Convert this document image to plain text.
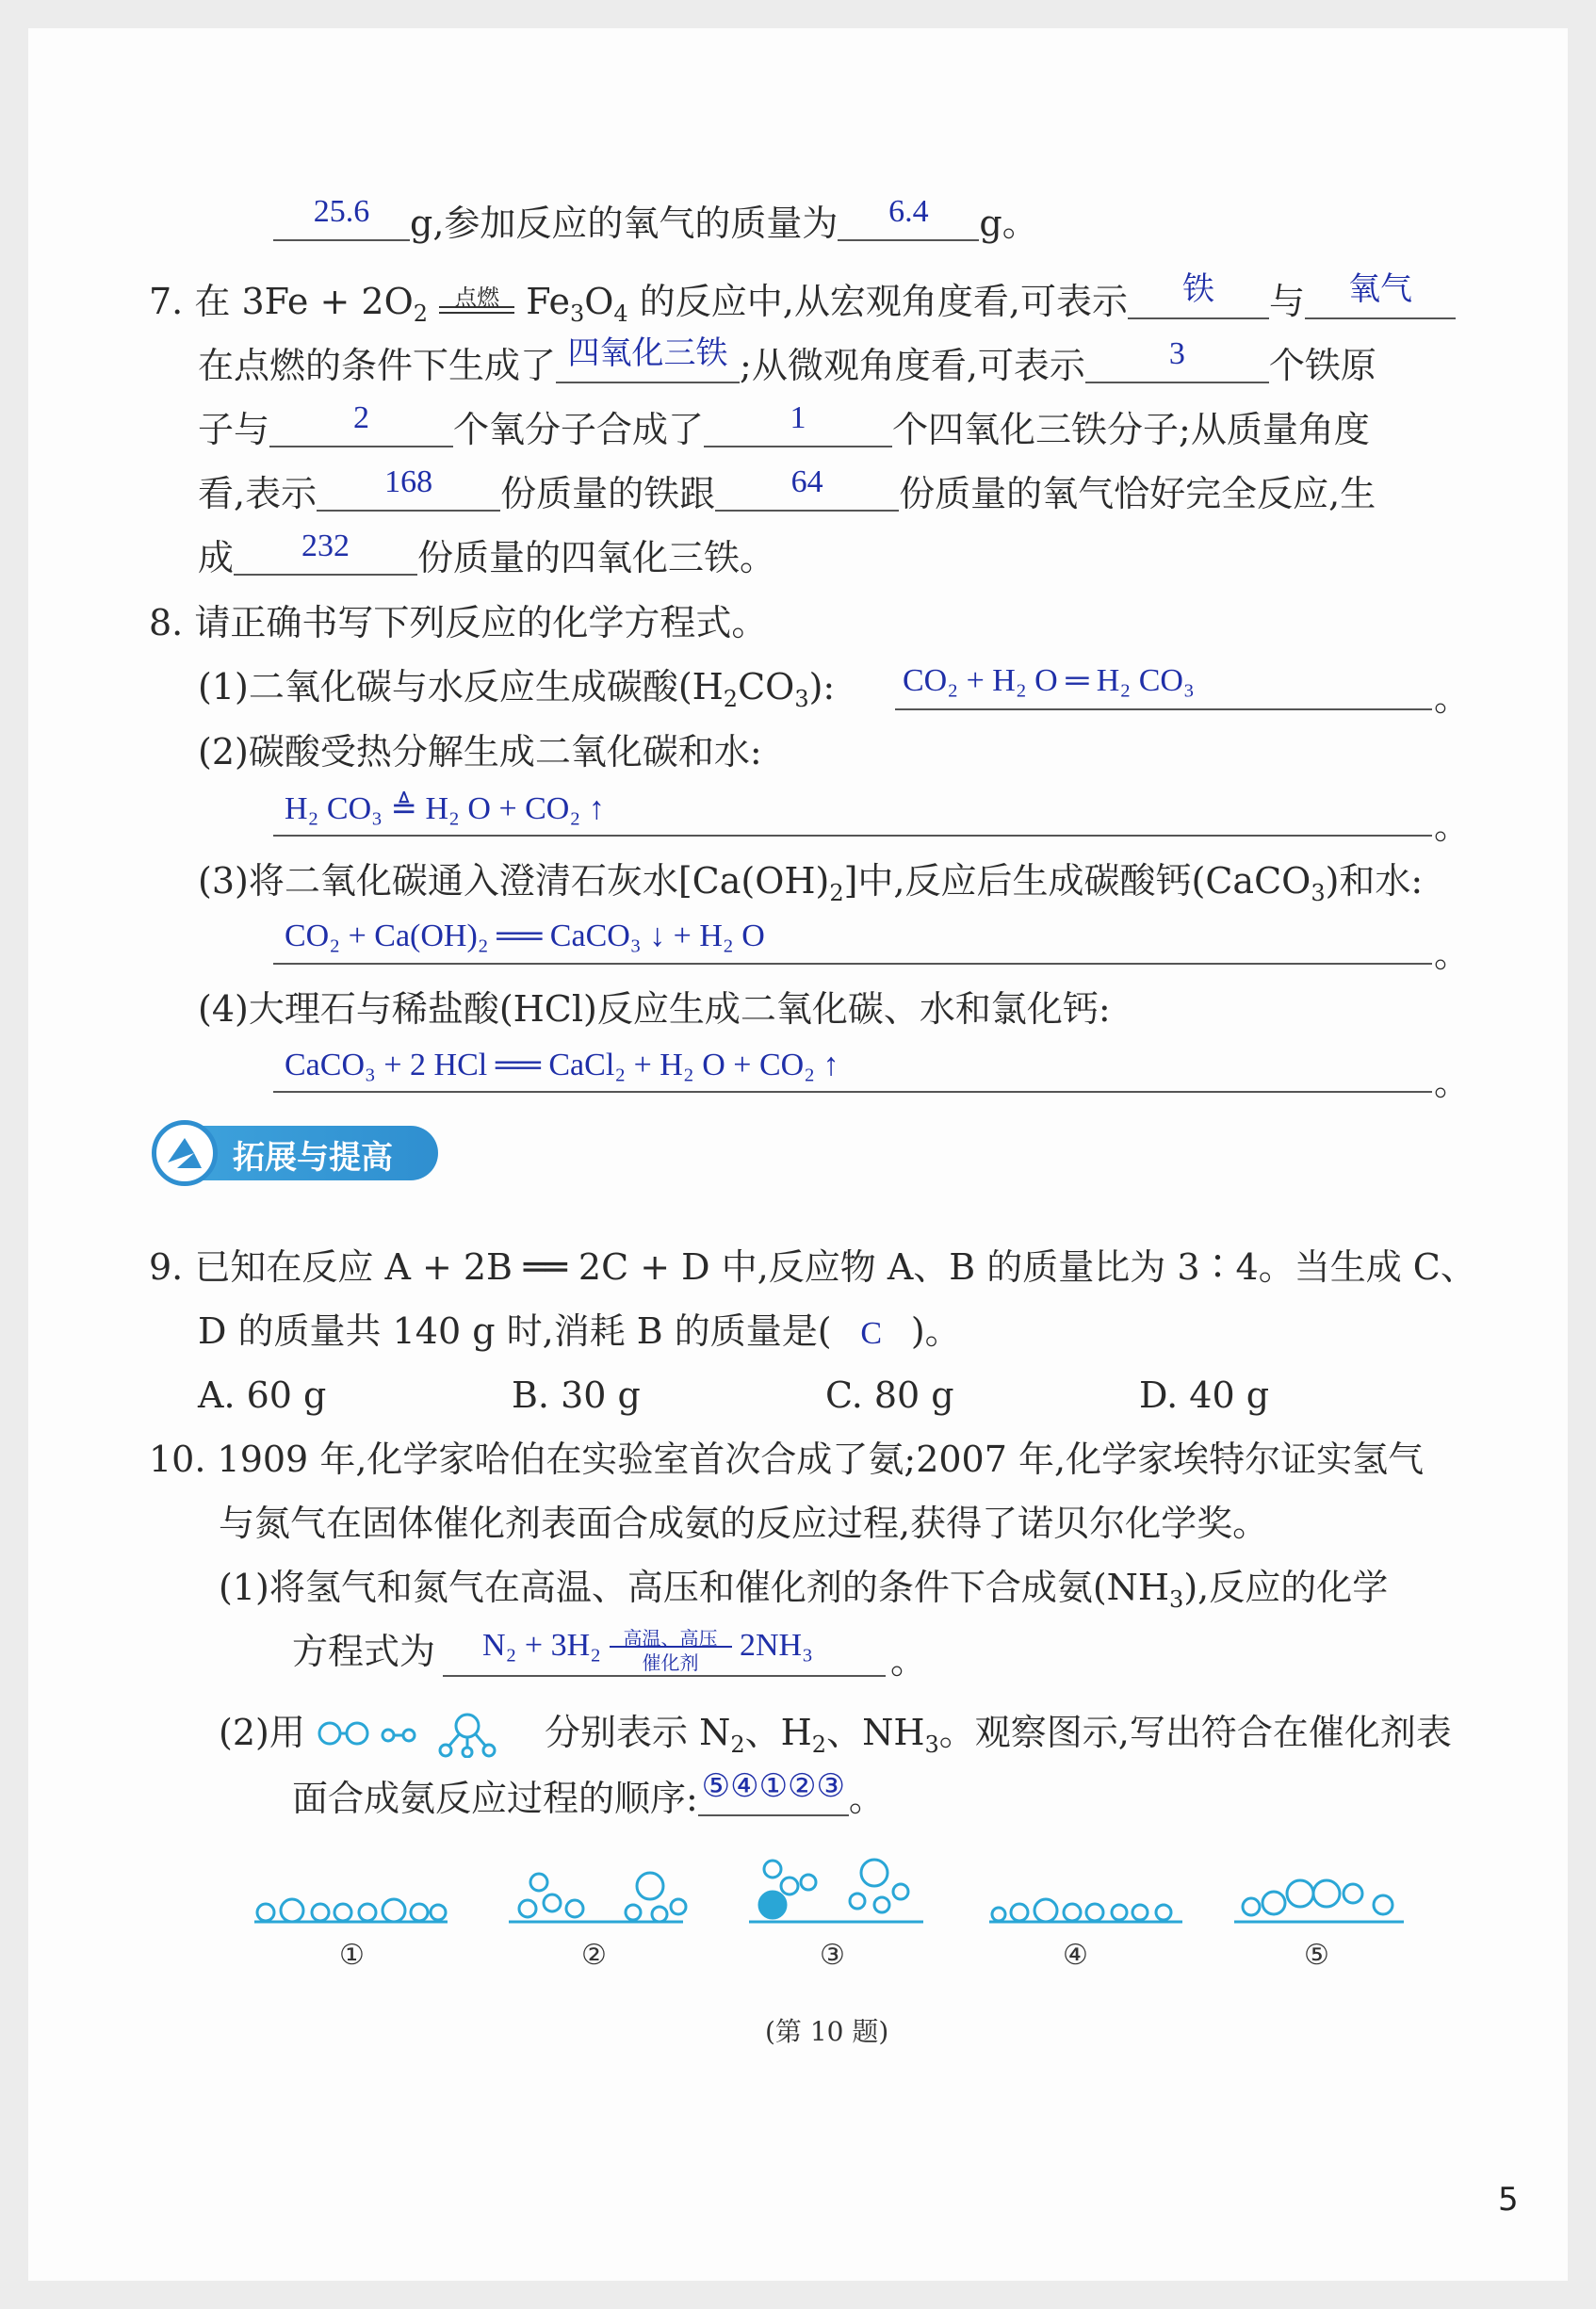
25.6	g,参加反应的氧气的质量为	6.4	g。
7. 在 $3Fe + 2O_2$
点燃 $Fe_3O_4$ 的反应中,从宏观角度看,可表示	铁	与	氧气
在点燃的条件下生成了 四氧化三铁 ;从微观角度看,可表示	3	个铁原
子与	2	个氧分子合成了	1	个四氧化三铁分子;从质量角度
看,表示	168	份质量的铁跟	64	份质量的氧气恰好完全反应,生
成	232	份质量的四氧化三铁。
8. 请正确书写下列反应的化学方程式。
(1)二氧化碳与水反应生成碳酸$(H_2CO_3)$: CO₂ + H₂ O ═ H₂ CO₃	。
(2)碳酸受热分解生成二氧化碳和水:
H₂ CO₃ ≜ H₂ O + CO₂ ↑	。
(3)将二氧化碳通入澄清石灰水$[Ca(OH)_2]$中,反应后生成碳酸钙(CaCO$_3$)和水:
CO₂ + Ca(OH)₂ ══ CaCO₃ ↓ + H₂ O	。
(4)大理石与稀盐酸(HCl)反应生成二氧化碳、水和氯化钙:
CaCO₃ + 2 HCl ══ CaCl₂ + H₂ O + CO₂ ↑	。
拓展与提高
9. 已知在反应 A + 2B ══ 2C + D 中,反应物 A、B 的质量比为 3∶4。当生成 C、
D 的质量共 140 g 时,消耗 B 的质量是( C )。
A. 60 g	B. 30 g	C. 80 g	D. 40 g
10. 1909 年,化学家哈伯在实验室首次合成了氨;2007 年,化学家埃特尔证实氢气
与氮气在固体催化剂表面合成氨的反应过程,获得了诺贝尔化学奖。
(1)将氢气和氮气在高温、高压和催化剂的条件下合成氨$(NH_3)$,反应的化学
方程式为 N₂ + 3H₂	高温、高压
催化剂
2NH₃ 。
(2)用	分别表示 $N_2$、$H_2$、$NH_3$。观察图示,写出符合在催化剂表
面合成氨反应过程的顺序: ⑤④①②③ 。
①	②	③	④	⑤
(第 10 题)
5
